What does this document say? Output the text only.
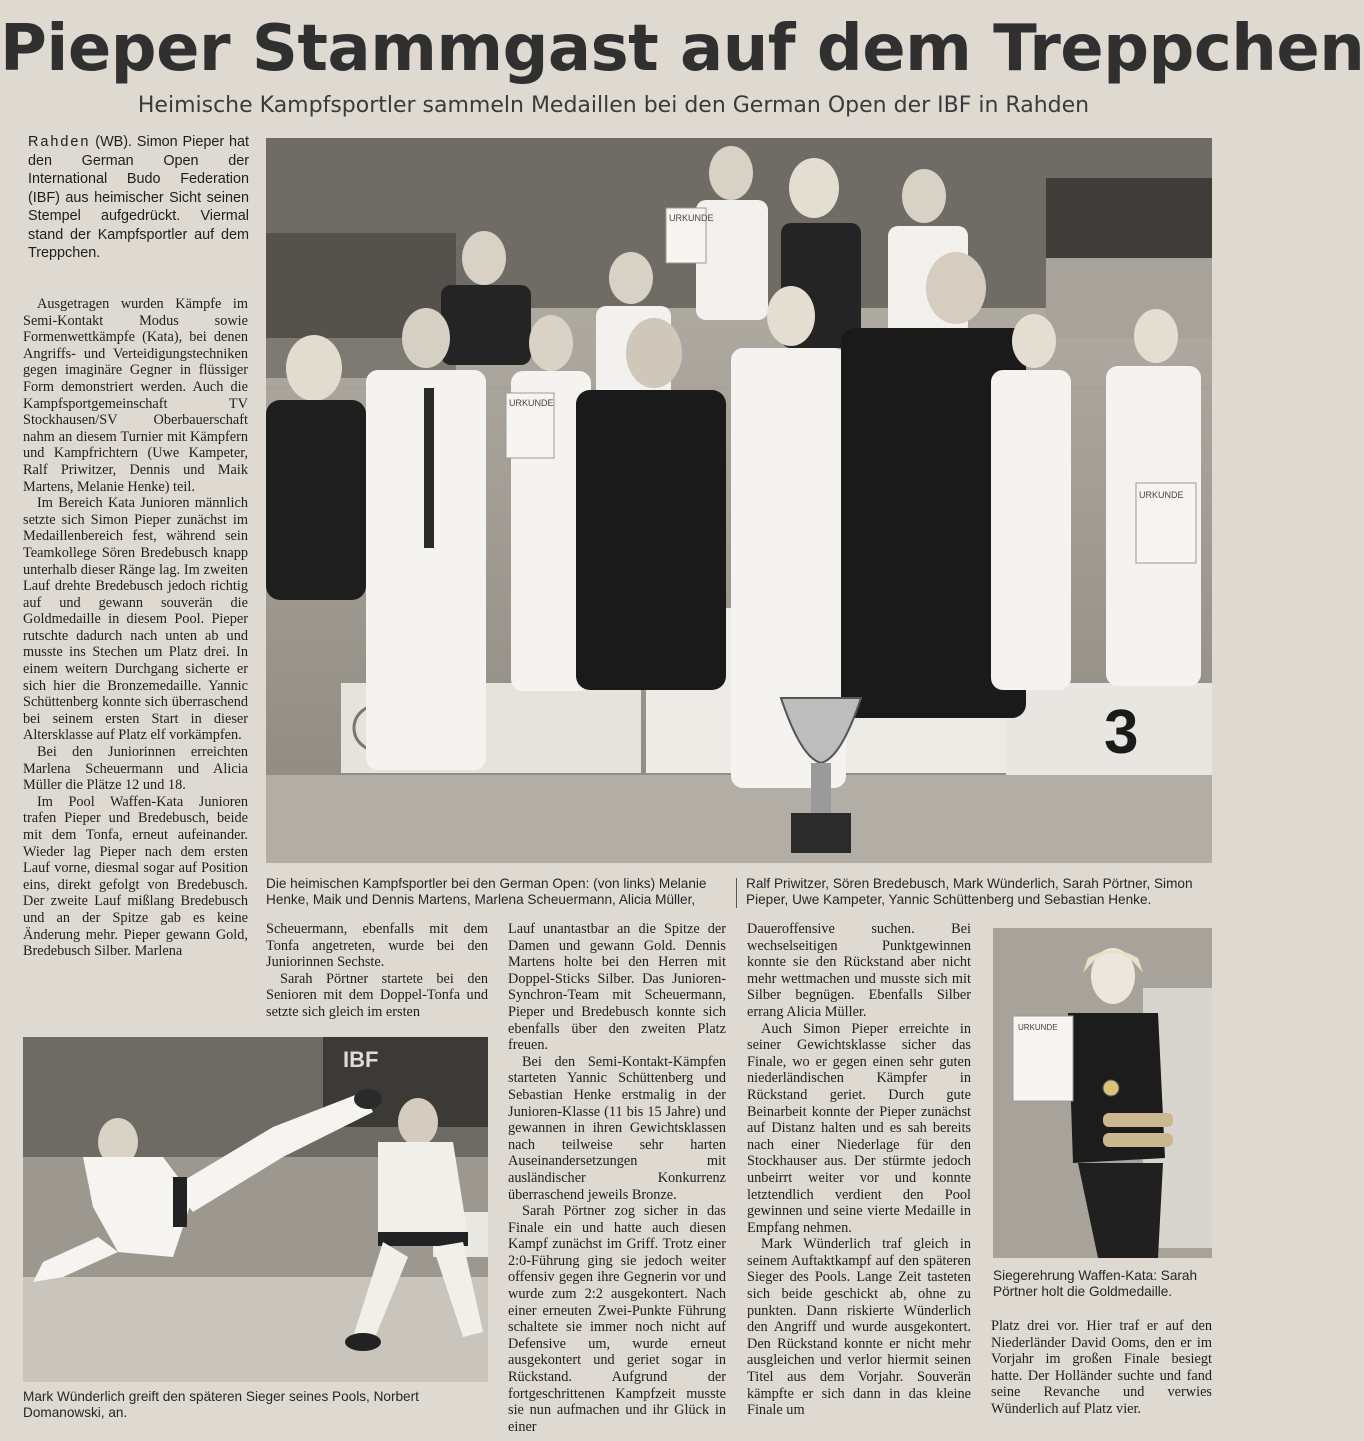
Pieper Stammgast auf dem Treppchen
Heimische Kampfsportler sammeln Medaillen bei den German Open der IBF in Rahden
Rahden (WB). Simon Pieper hat den German Open der International Budo Federation (IBF) aus heimischer Sicht seinen Stempel aufgedrückt. Viermal stand der Kampfsportler auf dem Treppchen.

Ausgetragen wurden Kämpfe im Semi-Kontakt Modus sowie Formenwettkämpfe (Kata), bei denen Angriffs- und Verteidigungstechniken gegen imaginäre Gegner in flüssiger Form demonstriert werden. Auch die Kampfsportgemeinschaft TV Stockhausen/SV Oberbauerschaft nahm an diesem Turnier mit Kämpfern und Kampfrichtern (Uwe Kampeter, Ralf Priwitzer, Dennis und Maik Martens, Melanie Henke) teil.

Im Bereich Kata Junioren männlich setzte sich Simon Pieper zunächst im Medaillenbereich fest, während sein Teamkollege Sören Bredebusch knapp unterhalb dieser Ränge lag. Im zweiten Lauf drehte Bredebusch jedoch richtig auf und gewann souverän die Goldmedaille in diesem Pool. Pieper rutschte dadurch nach unten ab und musste ins Stechen um Platz drei. In einem weitern Durchgang sicherte er sich hier die Bronzemedaille. Yannic Schüttenberg konnte sich überraschend bei seinem ersten Start in dieser Altersklasse auf Platz elf vorkämpfen.

Bei den Juniorinnen erreichten Marlena Scheuermann und Alicia Müller die Plätze 12 und 18.

Im Pool Waffen-Kata Junioren trafen Pieper und Bredebusch, beide mit dem Tonfa, erneut aufeinander. Wieder lag Pieper nach dem ersten Lauf vorne, diesmal sogar auf Position eins, direkt gefolgt von Bredebusch. Der zweite Lauf mißlang Bredebusch und an der Spitze gab es keine Änderung mehr. Pieper gewann Gold, Bredebusch Silber. Marlena

3
URKUNDE
URKUNDE
URKUNDE
Die heimischen Kampfsportler bei den German Open: (von links) Melanie Henke, Maik und Dennis Martens, Marlena Scheuermann, Alicia Müller,
Ralf Priwitzer, Sören Bredebusch, Mark Wünderlich, Sarah Pörtner, Simon Pieper, Uwe Kampeter, Yannic Schüttenberg und Sebastian Henke.

Scheuermann, ebenfalls mit dem Tonfa angetreten, wurde bei den Juniorinnen Sechste.

Sarah Pörtner startete bei den Senioren mit dem Doppel-Tonfa und setzte sich gleich im ersten

Lauf unantastbar an die Spitze der Damen und gewann Gold. Dennis Martens holte bei den Herren mit Doppel-Sticks Silber. Das Junioren-Synchron-Team mit Scheuermann, Pieper und Bredebusch konnte sich ebenfalls über den zweiten Platz freuen.

Bei den Semi-Kontakt-Kämpfen starteten Yannic Schüttenberg und Sebastian Henke erstmalig in der Junioren-Klasse (11 bis 15 Jahre) und gewannen in ihren Gewichtsklassen nach teilweise sehr harten Auseinandersetzungen mit ausländischer Konkurrenz überraschend jeweils Bronze.

Sarah Pörtner zog sicher in das Finale ein und hatte auch diesen Kampf zunächst im Griff. Trotz einer 2:0-Führung ging sie jedoch weiter offensiv gegen ihre Gegnerin vor und wurde zum 2:2 ausgekontert. Nach einer erneuten Zwei-Punkte Führung schaltete sie immer noch nicht auf Defensive um, wurde erneut ausgekontert und geriet sogar in Rückstand. Aufgrund der fortgeschrittenen Kampfzeit musste sie nun aufmachen und ihr Glück in einer

Daueroffensive suchen. Bei wechselseitigen Punktgewinnen konnte sie den Rückstand aber nicht mehr wettmachen und musste sich mit Silber begnügen. Ebenfalls Silber errang Alicia Müller.

Auch Simon Pieper erreichte in seiner Gewichtsklasse sicher das Finale, wo er gegen einen sehr guten niederländischen Kämpfer in Rückstand geriet. Durch gute Beinarbeit konnte der Pieper zunächst auf Distanz halten und es sah bereits nach einer Niederlage für den Stockhauser aus. Der stürmte jedoch unbeirrt weiter vor und konnte letztendlich verdient den Pool gewinnen und seine vierte Medaille in Empfang nehmen.

Mark Wünderlich traf gleich in seinem Auftaktkampf auf den späteren Sieger des Pools. Lange Zeit tasteten sich beide geschickt ab, ohne zu punkten. Dann riskierte Wünderlich den Angriff und wurde ausgekontert. Den Rückstand konnte er nicht mehr ausgleichen und verlor hiermit seinen Titel aus dem Vorjahr. Souverän kämpfte er sich dann in das kleine Finale um

IBF
Mark Wünderlich greift den späteren Sieger seines Pools, Norbert Domanowski, an.
URKUNDE
Siegerehrung Waffen-Kata: Sarah Pörtner holt die Goldmedaille.

Platz drei vor. Hier traf er auf den Niederländer David Ooms, den er im Vorjahr im großen Finale besiegt hatte. Der Holländer suchte und fand seine Revanche und verwies Wünderlich auf Platz vier.
